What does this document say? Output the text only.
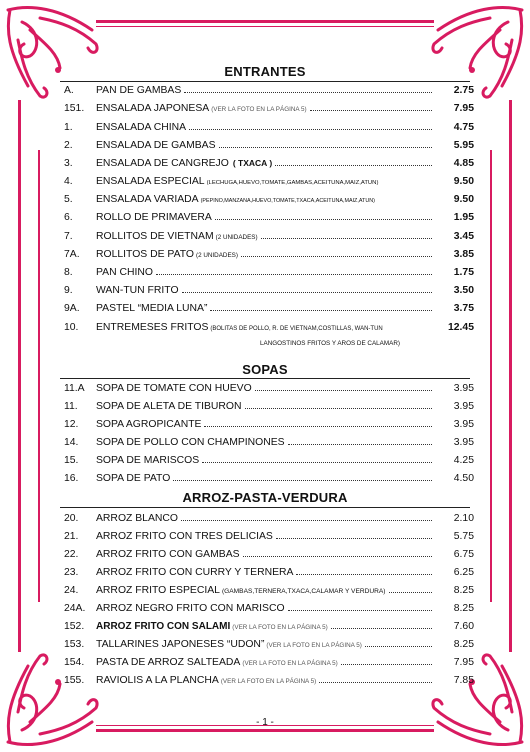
ENTRANTES
A.	PAN DE GAMBAS	2.75
151.	ENSALADA JAPONESA (VER LA FOTO EN LA PÁGINA 5)	7.95
1.	ENSALADA CHINA	4.75
2.	ENSALADA DE GAMBAS	5.95
3.	ENSALADA DE CANGREJO ( TXACA )	4.85
4.	ENSALADA ESPECIAL (LECHUGA,HUEVO,TOMATE,GAMBAS,ACEITUNA,MAIZ,ATUN)	9.50
5.	ENSALADA VARIADA (PEPINO,MANZANA,HUEVO,TOMATE,TXACA,ACEITUNA,MAIZ,ATUN)	9.50
6.	ROLLO DE PRIMAVERA	1.95
7.	ROLLITOS DE VIETNAM (2 UNIDADES)	3.45
7A.	ROLLITOS DE PATO (2 UNIDADES)	3.85
8.	PAN CHINO	1.75
9.	WAN-TUN FRITO	3.50
9A.	PASTEL “MEDIA LUNA”	3.75
10.	ENTREMESES FRITOS (BOLITAS DE POLLO, R. DE VIETNAM,COSTILLAS, WAN-TUN	12.45
LANGOSTINOS FRITOS Y AROS DE CALAMAR)
SOPAS
11.A	SOPA DE TOMATE CON HUEVO	3.95
11.	SOPA DE ALETA DE TIBURÓN	3.95
12.	SOPA AGROPICANTE	3.95
14.	SOPA DE POLLO CON CHAMPIÑONES	3.95
15.	SOPA DE MARISCOS	4.25
16.	SOPA DE PATO	4.50
ARROZ-PASTA-VERDURA
20.	ARROZ BLANCO	2.10
21.	ARROZ FRITO CON TRES DELICIAS	5.75
22.	ARROZ FRITO CON GAMBAS	6.75
23.	ARROZ FRITO CON CURRY Y TERNERA	6.25
24.	ARROZ FRITO ESPECIAL (GAMBAS,TERNERA,TXACA,CALAMAR Y VERDURA)	8.25
24A.	ARROZ NEGRO FRITO CON MARISCO	8.25
152.	ARROZ FRITO CON SALAMI (VER LA FOTO EN LA PÁGINA 5)	7.60
153.	TALLARINES JAPONESES “UDON” (VER LA FOTO EN LA PÁGINA 5)	8.25
154.	PASTA DE ARROZ SALTEADA (VER LA FOTO EN LA PÁGINA 5)	7.95
155.	RAVIOLIS A LA PLANCHA (VER LA FOTO EN LA PÁGINA 5)	7.85
- 1 -
